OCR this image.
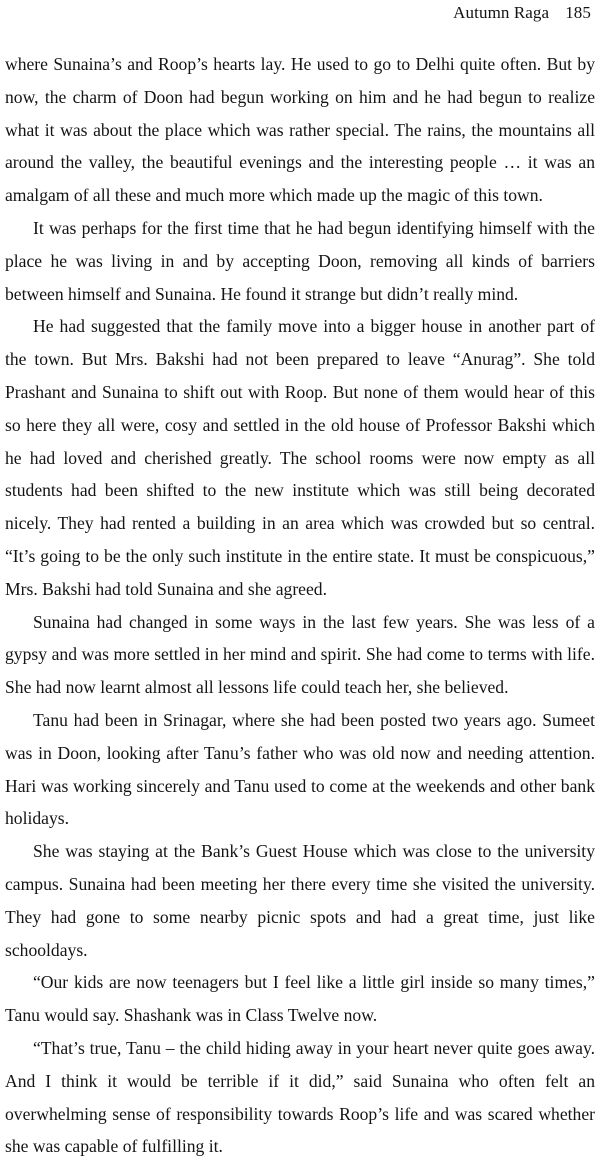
Autumn Raga 185

where Sunaina’s and Roop’s hearts lay. He used to go to Delhi quite often. But by now, the charm of Doon had begun working on him and he had begun to realize what it was about the place which was rather special. The rains, the mountains all around the valley, the beautiful evenings and the interesting people … it was an amalgam of all these and much more which made up the magic of this town.

It was perhaps for the first time that he had begun identifying himself with the place he was living in and by accepting Doon, removing all kinds of barriers between himself and Sunaina. He found it strange but didn’t really mind.

He had suggested that the family move into a bigger house in another part of the town. But Mrs. Bakshi had not been prepared to leave “Anurag”. She told Prashant and Sunaina to shift out with Roop. But none of them would hear of this so here they all were, cosy and settled in the old house of Professor Bakshi which he had loved and cherished greatly. The school rooms were now empty as all students had been shifted to the new institute which was still being decorated nicely. They had rented a building in an area which was crowded but so central. “It’s going to be the only such institute in the entire state. It must be conspicuous,” Mrs. Bakshi had told Sunaina and she agreed.

Sunaina had changed in some ways in the last few years. She was less of a gypsy and was more settled in her mind and spirit. She had come to terms with life. She had now learnt almost all lessons life could teach her, she believed.

Tanu had been in Srinagar, where she had been posted two years ago. Sumeet was in Doon, looking after Tanu’s father who was old now and needing attention. Hari was working sincerely and Tanu used to come at the weekends and other bank holidays.

She was staying at the Bank’s Guest House which was close to the university campus. Sunaina had been meeting her there every time she visited the university. They had gone to some nearby picnic spots and had a great time, just like schooldays.

“Our kids are now teenagers but I feel like a little girl inside so many times,” Tanu would say. Shashank was in Class Twelve now.

“That’s true, Tanu – the child hiding away in your heart never quite goes away. And I think it would be terrible if it did,” said Sunaina who often felt an overwhelming sense of responsibility towards Roop’s life and was scared whether she was capable of fulfilling it.
